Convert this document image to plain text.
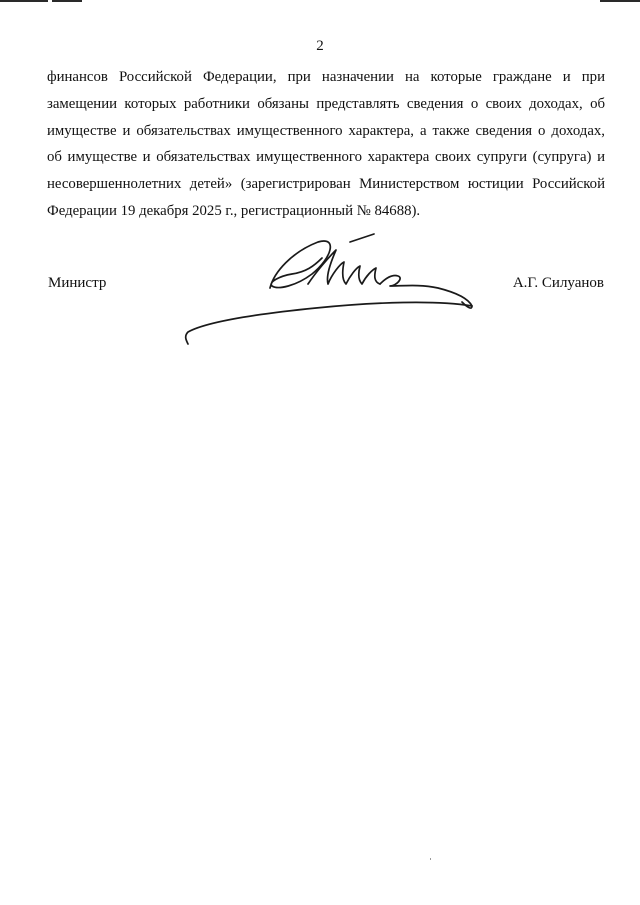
2
финансов Российской Федерации, при назначении на которые граждане и при
замещении которых работники обязаны представлять сведения о своих доходах, об
имуществе и обязательствах имущественного характера, а также сведения о доходах,
об имуществе и обязательствах имущественного характера своих супруги (супруга) и
несовершеннолетних детей» (зарегистрирован Министерством юстиции Российской
Федерации 19 декабря 2025 г., регистрационный № 84688).
Министр	А.Г. Силуанов
